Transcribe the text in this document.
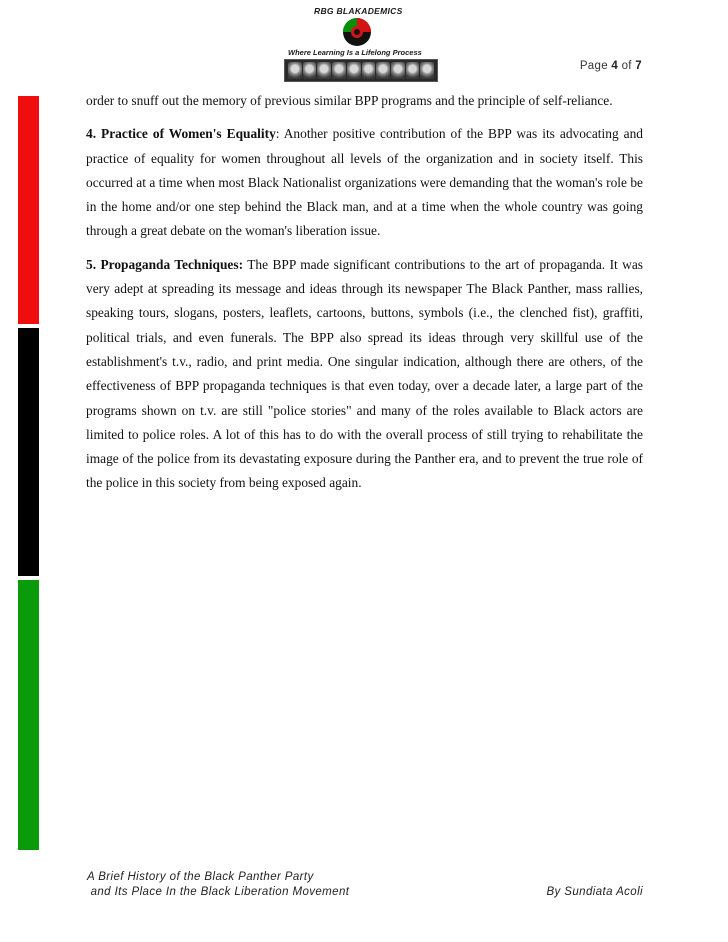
RBG BLAKADEMICS
Where Learning Is a Lifelong Process
Page 4 of 7

order to snuff out the memory of previous similar BPP programs and the principle of self-reliance.

4. Practice of Women's Equality: Another positive contribution of the BPP was its advocating and practice of equality for women throughout all levels of the organization and in society itself. This occurred at a time when most Black Nationalist organizations were demanding that the woman's role be in the home and/or one step behind the Black man, and at a time when the whole country was going through a great debate on the woman's liberation issue.

5. Propaganda Techniques: The BPP made significant contributions to the art of propaganda. It was very adept at spreading its message and ideas through its newspaper The Black Panther, mass rallies, speaking tours, slogans, posters, leaflets, cartoons, buttons, symbols (i.e., the clenched fist), graffiti, political trials, and even funerals. The BPP also spread its ideas through very skillful use of the establishment's t.v., radio, and print media. One singular indication, although there are others, of the effectiveness of BPP propaganda techniques is that even today, over a decade later, a large part of the programs shown on t.v. are still "police stories" and many of the roles available to Black actors are limited to police roles. A lot of this has to do with the overall process of still trying to rehabilitate the image of the police from its devastating exposure during the Panther era, and to prevent the true role of the police in this society from being exposed again.

A Brief History of the Black Panther Party
and Its Place In the Black Liberation Movement	By Sundiata Acoli
